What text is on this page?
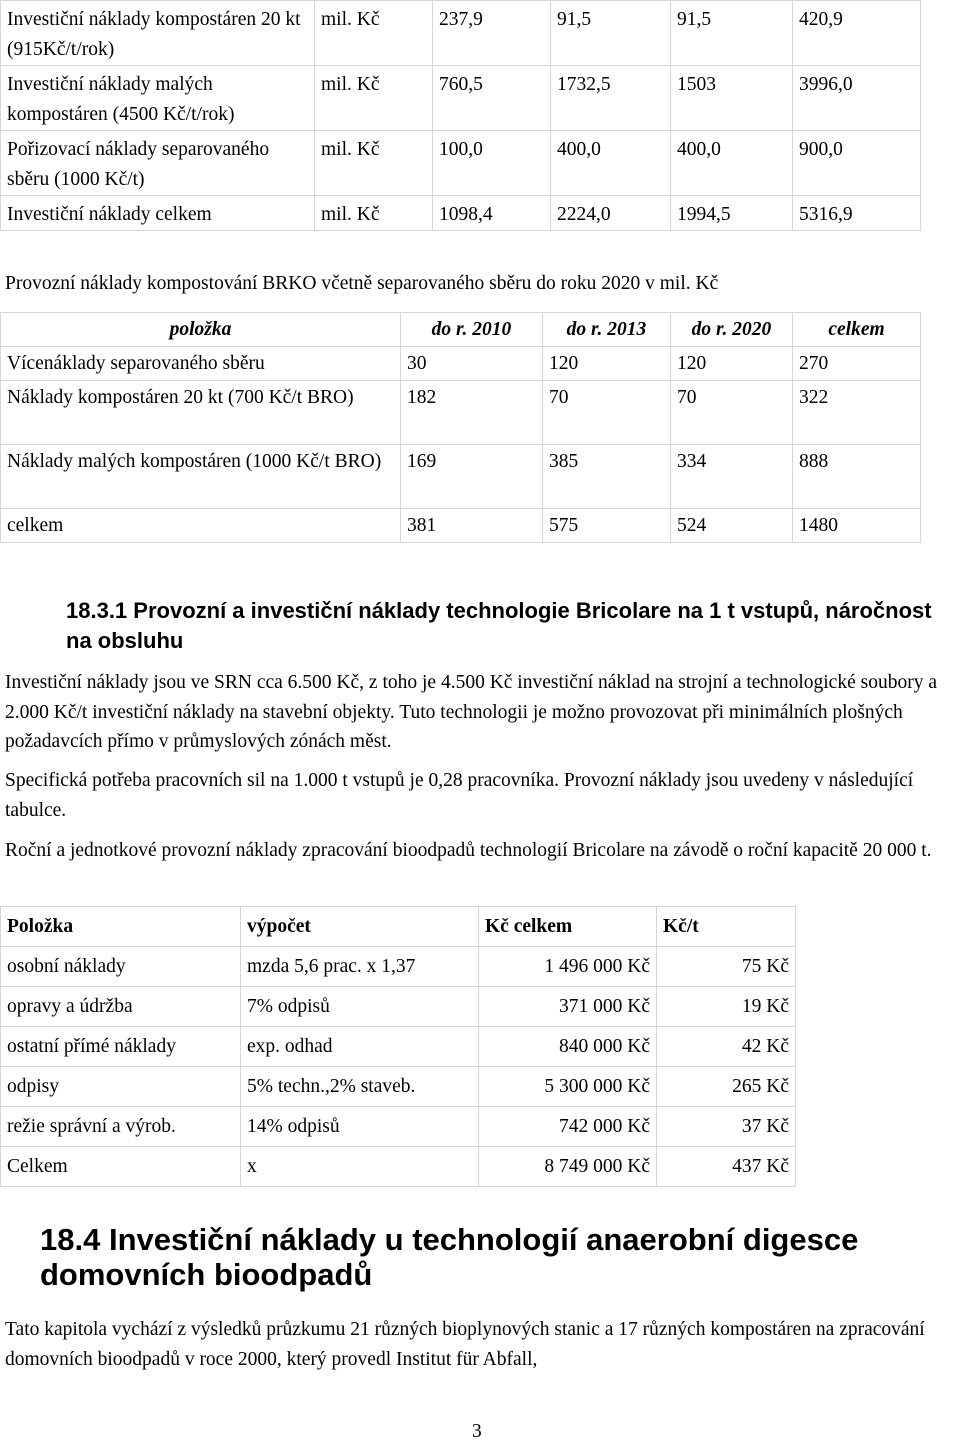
Investiční náklady kompostáren 20 kt (915Kč/t/rok)	mil. Kč	237,9	91,5	91,5	420,9
Investiční náklady malých kompostáren (4500 Kč/t/rok)	mil. Kč	760,5	1732,5	1503	3996,0
Pořizovací náklady separovaného sběru (1000 Kč/t)	mil. Kč	100,0	400,0	400,0	900,0
Investiční náklady celkem	mil. Kč	1098,4	2224,0	1994,5	5316,9
Provozní náklady kompostování BRKO včetně separovaného sběru do roku 2020 v mil. Kč
položka	do r. 2010	do r. 2013	do r. 2020	celkem
Vícenáklady separovaného sběru	30	120	120	270
Náklady kompostáren 20 kt (700 Kč/t BRO)	182	70	70	322
Náklady malých kompostáren (1000 Kč/t BRO)	169	385	334	888
celkem	381	575	524	1480
18.3.1 Provozní a investiční náklady technologie Bricolare na 1 t vstupů, náročnost na obsluhu
Investiční náklady jsou ve SRN cca 6.500 Kč, z toho je 4.500 Kč investiční náklad na strojní a technologické soubory a 2.000 Kč/t investiční náklady na stavební objekty. Tuto technologii je možno provozovat při minimálních plošných požadavcích přímo v průmyslových zónách měst.
Specifická potřeba pracovních sil na 1.000 t vstupů je 0,28 pracovníka. Provozní náklady jsou uvedeny v následující tabulce.
Roční a jednotkové provozní náklady zpracování bioodpadů technologií Bricolare na závodě o roční kapacitě 20 000 t.
Položka	výpočet	Kč celkem	Kč/t
osobní náklady	mzda 5,6 prac. x 1,37	1 496 000 Kč	75 Kč
opravy a údržba	7% odpisů	371 000 Kč	19 Kč
ostatní přímé náklady	exp. odhad	840 000 Kč	42 Kč
odpisy	5% techn.,2% staveb.	5 300 000 Kč	265 Kč
režie správní a výrob.	14% odpisů	742 000 Kč	37 Kč
Celkem	x	8 749 000 Kč	437 Kč
18.4 Investiční náklady u technologií anaerobní digesce domovních bioodpadů
Tato kapitola vychází z výsledků průzkumu 21 různých bioplynových stanic a 17 různých kompostáren na zpracování domovních bioodpadů v roce 2000, který provedl Institut für Abfall,
3
